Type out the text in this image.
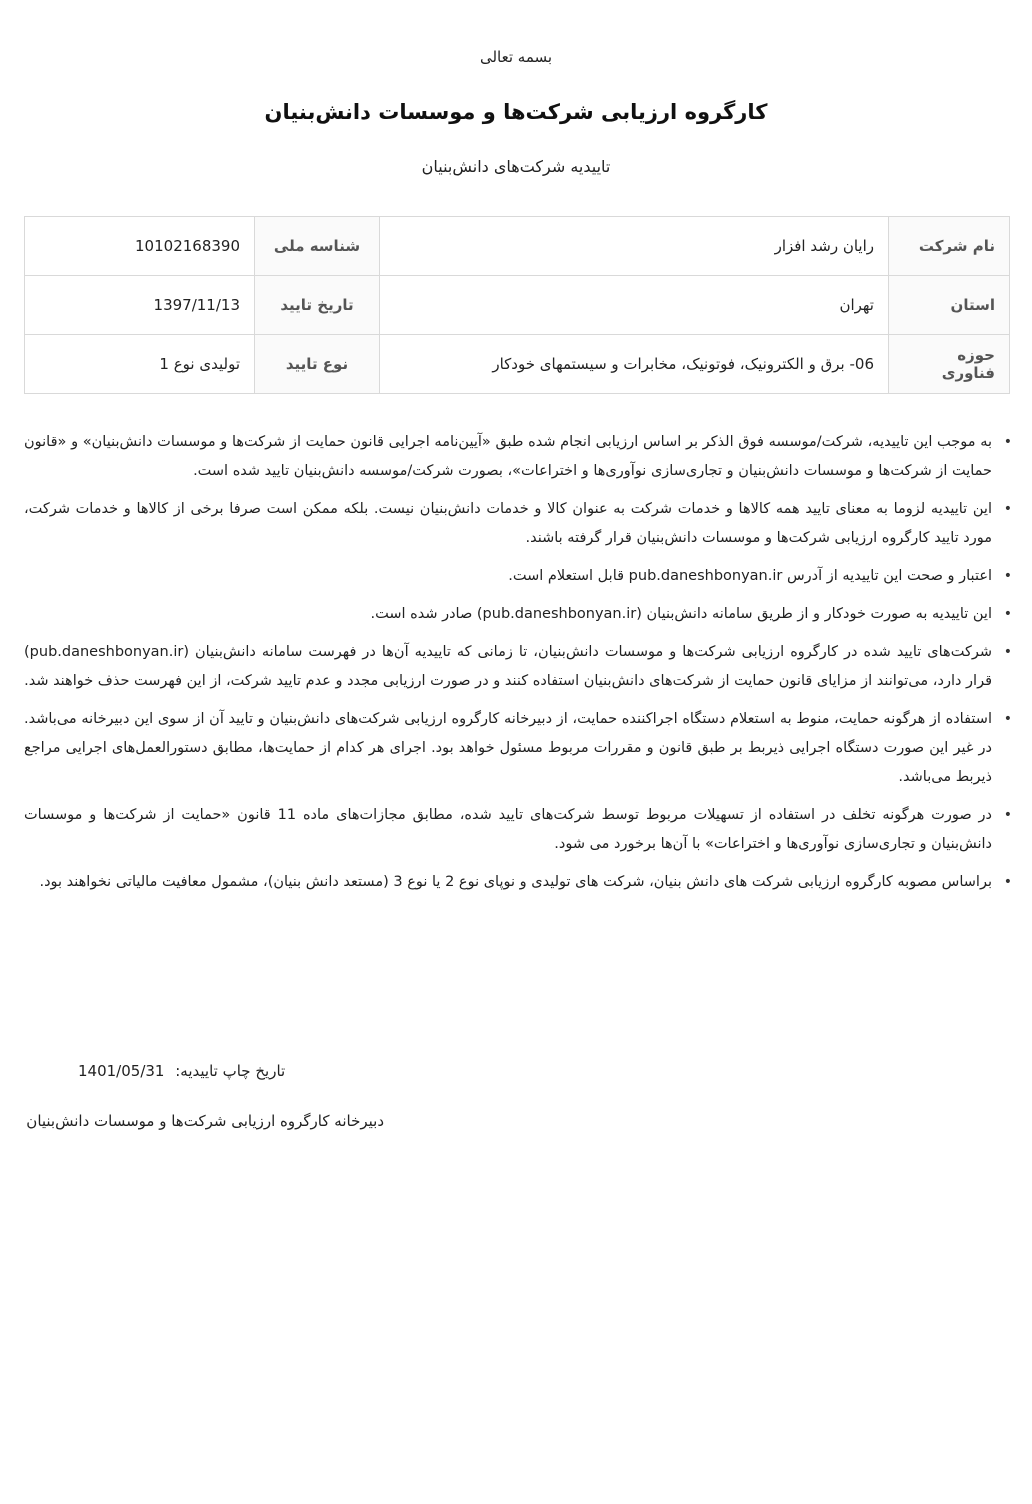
بسمه تعالی
کارگروه ارزیابی شرکت‌ها و موسسات دانش‌بنیان
تاییدیه شرکت‌های دانش‌بنیان
نام شرکت	رایان رشد افزار	شناسه ملی	10102168390
استان	تهران	تاریخ تایید	1397/11/13
حوزه فناوری	06- برق و الکترونیک، فوتونیک، مخابرات و سیستمهای خودکار	نوع تایید	تولیدی نوع 1
•
به موجب این تاییدیه، شرکت/موسسه فوق الذکر بر اساس ارزیابی انجام شده طبق «آیین‌نامه اجرایی قانون حمایت از شرکت‌ها و موسسات دانش‌بنیان» و «قانون حمایت از شرکت‌ها و موسسات دانش‌بنیان و تجاری‌سازی نوآوری‌ها و اختراعات»، بصورت شرکت/موسسه دانش‌بنیان تایید شده است.
•
این تاییدیه لزوما به معنای تایید همه کالاها و خدمات شرکت به عنوان کالا و خدمات دانش‌بنیان نیست. بلکه ممکن است صرفا برخی از کالاها و خدمات شرکت، مورد تایید کارگروه ارزیابی شرکت‌ها و موسسات دانش‌بنیان قرار گرفته باشند.
•
اعتبار و صحت این تاییدیه از آدرس pub.daneshbonyan.ir قابل استعلام است.
•
این تاییدیه به صورت خودکار و از طریق سامانه دانش‌بنیان (pub.daneshbonyan.ir) صادر شده است.
•
شرکت‌های تایید شده در کارگروه ارزیابی شرکت‌ها و موسسات دانش‌بنیان، تا زمانی که تاییدیه آن‌ها در فهرست سامانه دانش‌بنیان (pub.daneshbonyan.ir) قرار دارد، می‌توانند از مزایای قانون حمایت از شرکت‌های دانش‌بنیان استفاده کنند و در صورت ارزیابی مجدد و عدم تایید شرکت، از این فهرست حذف خواهند شد.
•
استفاده از هرگونه حمایت، منوط به استعلام دستگاه اجراکننده حمایت، از دبیرخانه کارگروه ارزیابی شرکت‌های دانش‌بنیان و تایید آن از سوی این دبیرخانه می‌باشد. در غیر این صورت دستگاه اجرایی ذیربط بر طبق قانون و مقررات مربوط مسئول خواهد بود. اجرای هر کدام از حمایت‌ها، مطابق دستورالعمل‌های اجرایی مراجع ذیربط می‌باشد.
•
در صورت هرگونه تخلف در استفاده از تسهیلات مربوط توسط شرکت‌های تایید شده، مطابق مجازات‌های ماده 11 قانون «حمایت از شرکت‌ها و موسسات دانش‌بنیان و تجاری‌سازی نوآوری‌ها و اختراعات» با آن‌ها برخورد می شود.
•
براساس مصوبه کارگروه ارزیابی شرکت های دانش بنیان، شرکت های تولیدی و نوپای نوع 2 یا نوع 3 (مستعد دانش بنیان)، مشمول معافیت مالیاتی نخواهند بود.
تاریخ چاپ تاییدیه: 1401/05/31
دبیرخانه کارگروه ارزیابی شرکت‌ها و موسسات دانش‌بنیان
